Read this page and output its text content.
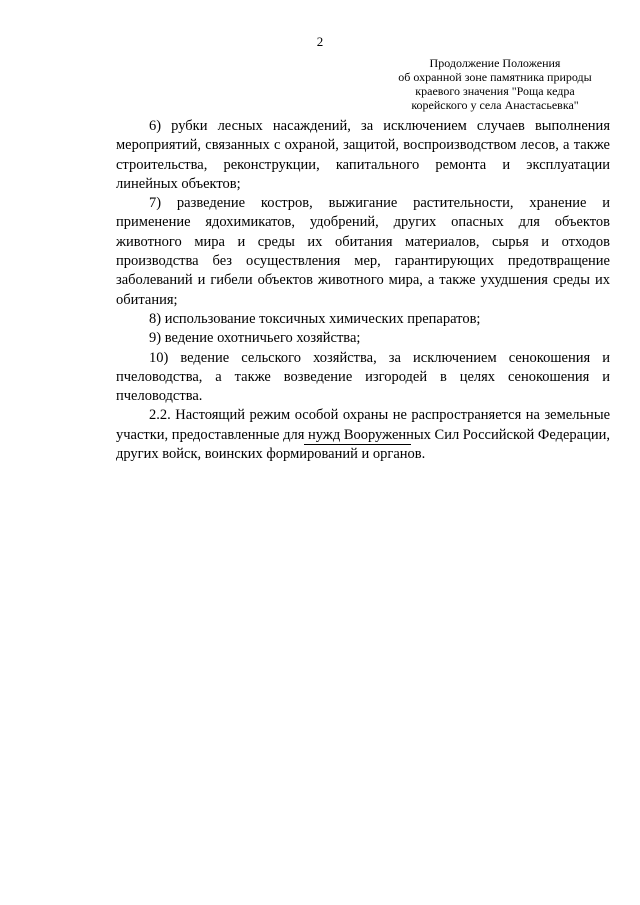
2
Продолжение Положения
об охранной зоне памятника природы
краевого значения "Роща кедра
корейского у села Анастасьевка"

6) рубки лесных насаждений, за исключением случаев выполнения мероприятий, связанных с охраной, защитой, воспроизводством лесов, а также строительства, реконструкции, капитального ремонта и эксплуатации линейных объектов;

7) разведение костров, выжигание растительности, хранение и применение ядохимикатов, удобрений, других опасных для объектов животного мира и среды их обитания материалов, сырья и отходов производства без осуществления мер, гарантирующих предотвращение заболеваний и гибели объектов животного мира, а также ухудшения среды их обитания;

8) использование токсичных химических препаратов;

9) ведение охотничьего хозяйства;

10) ведение сельского хозяйства, за исключением сенокошения и пчеловодства, а также возведение изгородей в целях сенокошения и пчеловодства.

2.2. Настоящий режим особой охраны не распространяется на земельные участки, предоставленные для нужд Вооруженных Сил Российской Федерации, других войск, воинских формирований и органов.
